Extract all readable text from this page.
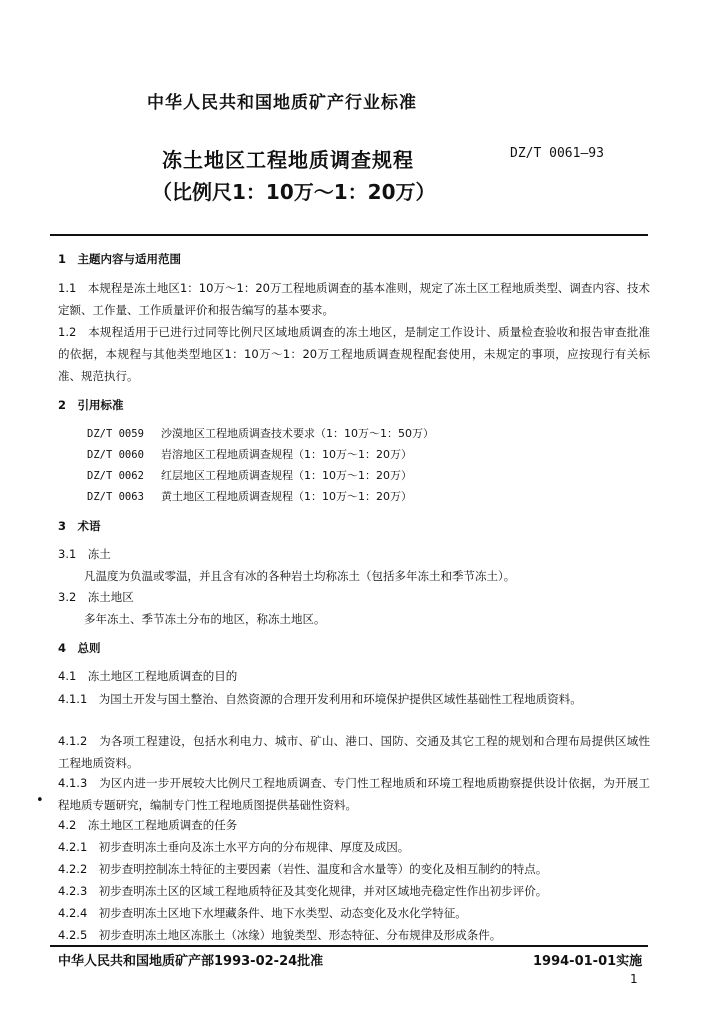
中华人民共和国地质矿产行业标准
冻土地区工程地质调查规程
（比例尺1：10万～1：20万）
DZ/T 0061—93
1　主题内容与适用范围
1.1　本规程是冻土地区1：10万～1：20万工程地质调查的基本准则，规定了冻土区工程地质类型、调查内容、技术定额、工作量、工作质量评价和报告编写的基本要求。
1.2　本规程适用于已进行过同等比例尺区域地质调查的冻土地区，是制定工作设计、质量检查验收和报告审查批准的依据，本规程与其他类型地区1：10万～1：20万工程地质调查规程配套使用，未规定的事项，应按现行有关标准、规范执行。
2　引用标准
DZ/T 0059 沙漠地区工程地质调查技术要求（1：10万～1：50万）
DZ/T 0060 岩溶地区工程地质调查规程（1：10万～1：20万）
DZ/T 0062 红层地区工程地质调查规程（1：10万～1：20万）
DZ/T 0063 黄土地区工程地质调查规程（1：10万～1：20万）
3　术语
3.1　冻土
凡温度为负温或零温，并且含有冰的各种岩土均称冻土（包括多年冻土和季节冻土）。
3.2　冻土地区
多年冻土、季节冻土分布的地区，称冻土地区。
4　总则
4.1　冻土地区工程地质调查的目的
4.1.1　为国土开发与国土整治、自然资源的合理开发利用和环境保护提供区域性基础性工程地质资料。
4.1.2　为各项工程建设，包括水利电力、城市、矿山、港口、国防、交通及其它工程的规划和合理布局提供区域性工程地质资料。
4.1.3　为区内进一步开展较大比例尺工程地质调查、专门性工程地质和环境工程地质勘察提供设计依据，为开展工程地质专题研究，编制专门性工程地质图提供基础性资料。
•
4.2　冻土地区工程地质调查的任务
4.2.1　初步查明冻土垂向及冻土水平方向的分布规律、厚度及成因。
4.2.2　初步查明控制冻土特征的主要因素（岩性、温度和含水量等）的变化及相互制约的特点。
4.2.3　初步查明冻土区的区域工程地质特征及其变化规律，并对区域地壳稳定性作出初步评价。
4.2.4　初步查明冻土区地下水埋藏条件、地下水类型、动态变化及水化学特征。
4.2.5　初步查明冻土地区冻胀土（冰缘）地貌类型、形态特征、分布规律及形成条件。
中华人民共和国地质矿产部1993-02-24批准	1994-01-01实施
1
